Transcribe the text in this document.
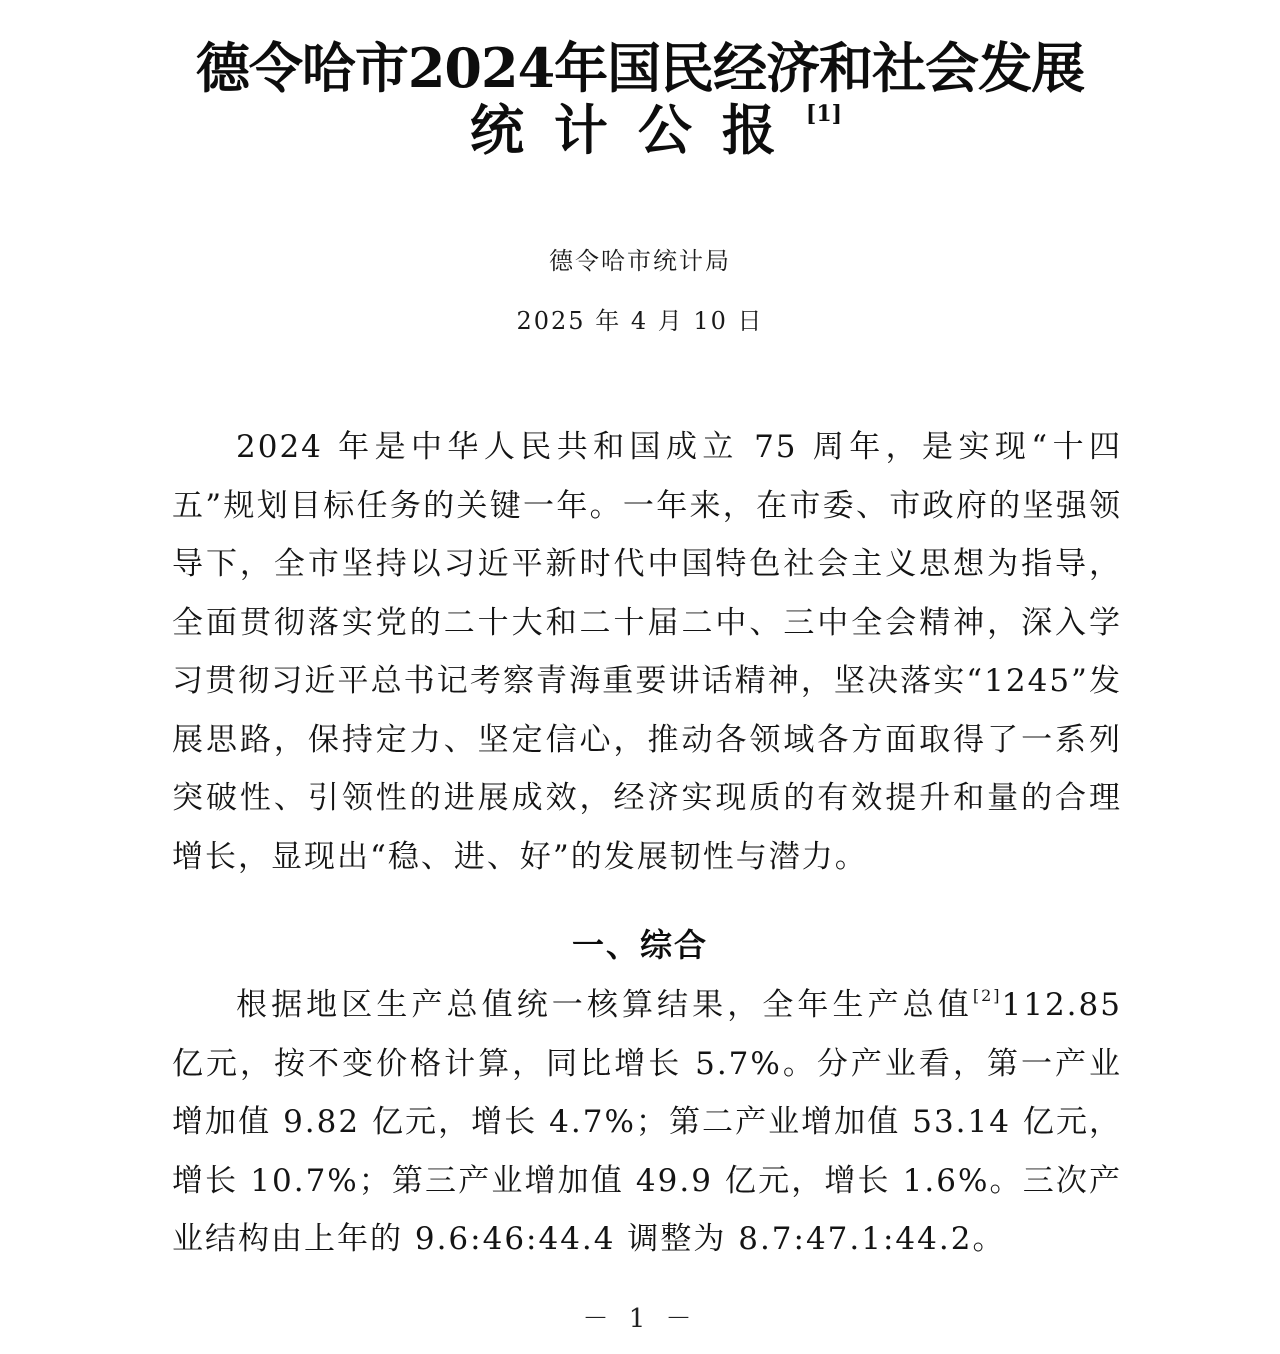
德令哈市2024年国民经济和社会发展
统计公报[1]
德令哈市统计局
2025 年 4 月 10 日
2024 年是中华人民共和国成立 75 周年，是实现“十四五”规划目标任务的关键一年。一年来，在市委、市政府的坚强领导下，全市坚持以习近平新时代中国特色社会主义思想为指导，全面贯彻落实党的二十大和二十届二中、三中全会精神，深入学习贯彻习近平总书记考察青海重要讲话精神，坚决落实“1245”发展思路，保持定力、坚定信心，推动各领域各方面取得了一系列突破性、引领性的进展成效，经济实现质的有效提升和量的合理增长，显现出“稳、进、好”的发展韧性与潜力。
一、综合
根据地区生产总值统一核算结果，全年生产总值[2]112.85 亿元，按不变价格计算，同比增长 5.7%。分产业看，第一产业增加值 9.82 亿元，增长 4.7%；第二产业增加值 53.14 亿元，增长 10.7%；第三产业增加值 49.9 亿元，增长 1.6%。三次产业结构由上年的 9.6:46:44.4 调整为 8.7:47.1:44.2。
－ 1 －
